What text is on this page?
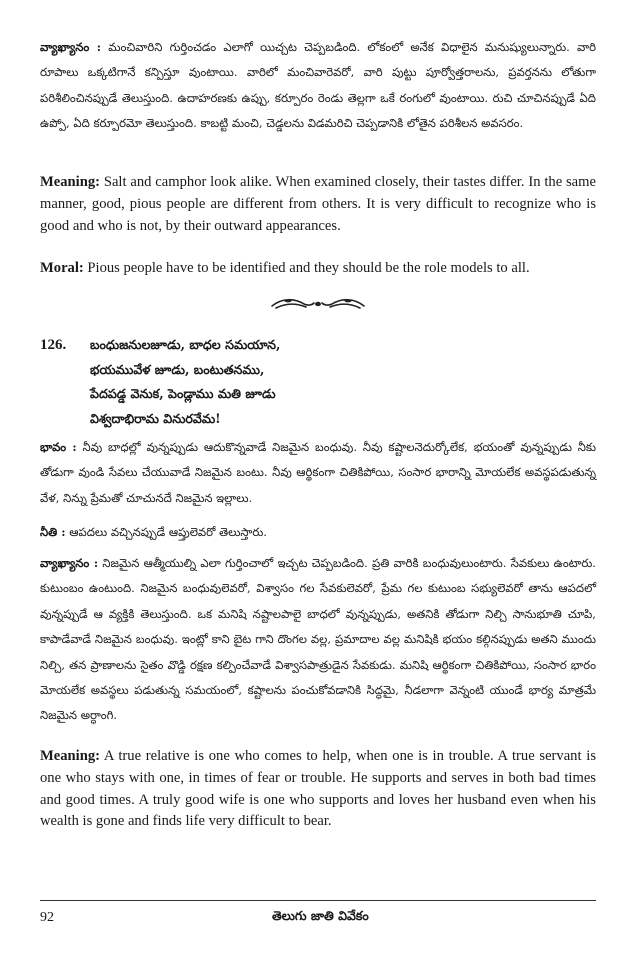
వ్యాఖ్యానం : మంచివారిని గుర్తించడం ఎలాగో యిచ్చట చెప్పబడింది. లోకంలో అనేక విధాలైన మనుష్యులున్నారు. వారి రూపాలు ఒక్కటిగానే కన్పిస్తూ వుంటాయి. వారిలో మంచివారెవరో, వారి పుట్టు పూర్వోత్తరాలను, ప్రవర్తనను లోతుగా పరిశీలించినప్పుడే తెలుస్తుంది. ఉదాహరణకు ఉప్పు, కర్పూరం రెండు తెల్లగా ఒకే రంగులో వుంటాయి. రుచి చూచినప్పుడే ఏది ఉప్పో, ఏది కర్పూరమో తెలుస్తుంది. కాబట్టి మంచి, చెడ్డలను విడమరిచి చెప్పడానికి లోతైన పరిశీలన అవసరం.

Meaning: Salt and camphor look alike. When examined closely, their tastes differ. In the same manner, good, pious people are different from others. It is very difficult to recognize who is good and who is not, by their outward appearances.

Moral: Pious people have to be identified and they should be the role models to all.

126. బంధుజనులజూడు, బాధల సమయాన,
భయమువేళ జూడు, బంటుతనము,
పేదపడ్డ వెనుక, పెండ్లాము మతి జూడు
విశ్వదాభిరామ వినురవేమ!

భావం : నీవు బాధల్లో వున్నప్పుడు ఆదుకొన్నవాడే నిజమైన బంధువు. నీవు కష్టాలనెదుర్కోలేక, భయంతో వున్నప్పుడు నీకు తోడుగా వుండి సేవలు చేయువాడే నిజమైన బంటు. నీవు ఆర్థికంగా చితికిపోయి, సంసార భారాన్ని మోయలేక అవస్థపడుతున్న వేళ, నిన్ను ప్రేమతో చూచునదే నిజమైన ఇల్లాలు.

నీతి : ఆపదలు వచ్చినప్పుడే ఆప్తులెవరో తెలుస్తారు.

వ్యాఖ్యానం : నిజమైన ఆత్మీయుల్ని ఎలా గుర్తించాలో ఇచ్చట చెప్పబడింది. ప్రతి వారికి బంధువులుంటారు. సేవకులు ఉంటారు. కుటుంబం ఉంటుంది. నిజమైన బంధువులెవరో, విశ్వాసం గల సేవకులెవరో, ప్రేమ గల కుటుంబ సభ్యులెవరో తాను ఆపదలో వున్నప్పుడే ఆ వ్యక్తికి తెలుస్తుంది. ఒక మనిషి నష్టాలపాలై బాధలో వున్నప్పుడు, అతనికి తోడుగా నిల్చి సానుభూతి చూపి, కాపాడేవాడే నిజమైన బంధువు. ఇంట్లో కాని బైట గాని దొంగల వల్ల, ప్రమాదాల వల్ల మనిషికి భయం కల్గినప్పుడు అతని ముందు నిల్చి, తన ప్రాణాలను సైతం వొడ్డి రక్షణ కల్పించేవాడే విశ్వాసపాత్రుడైన సేవకుడు. మనిషి ఆర్థికంగా చితికిపోయి, సంసార భారం మోయలేక అవస్థలు పడుతున్న సమయంలో, కష్టాలను పంచుకోవడానికి సిద్ధమై, నీడలాగా వెన్నంటి యుండే భార్య మాత్రమే నిజమైన అర్ధాంగి.

Meaning: A true relative is one who comes to help, when one is in trouble. A true servant is one who stays with one, in times of fear or trouble. He supports and serves in both bad times and good times. A truly good wife is one who supports and loves her husband even when his wealth is gone and finds life very difficult to bear.

92	తెలుగు జాతి వివేకం
